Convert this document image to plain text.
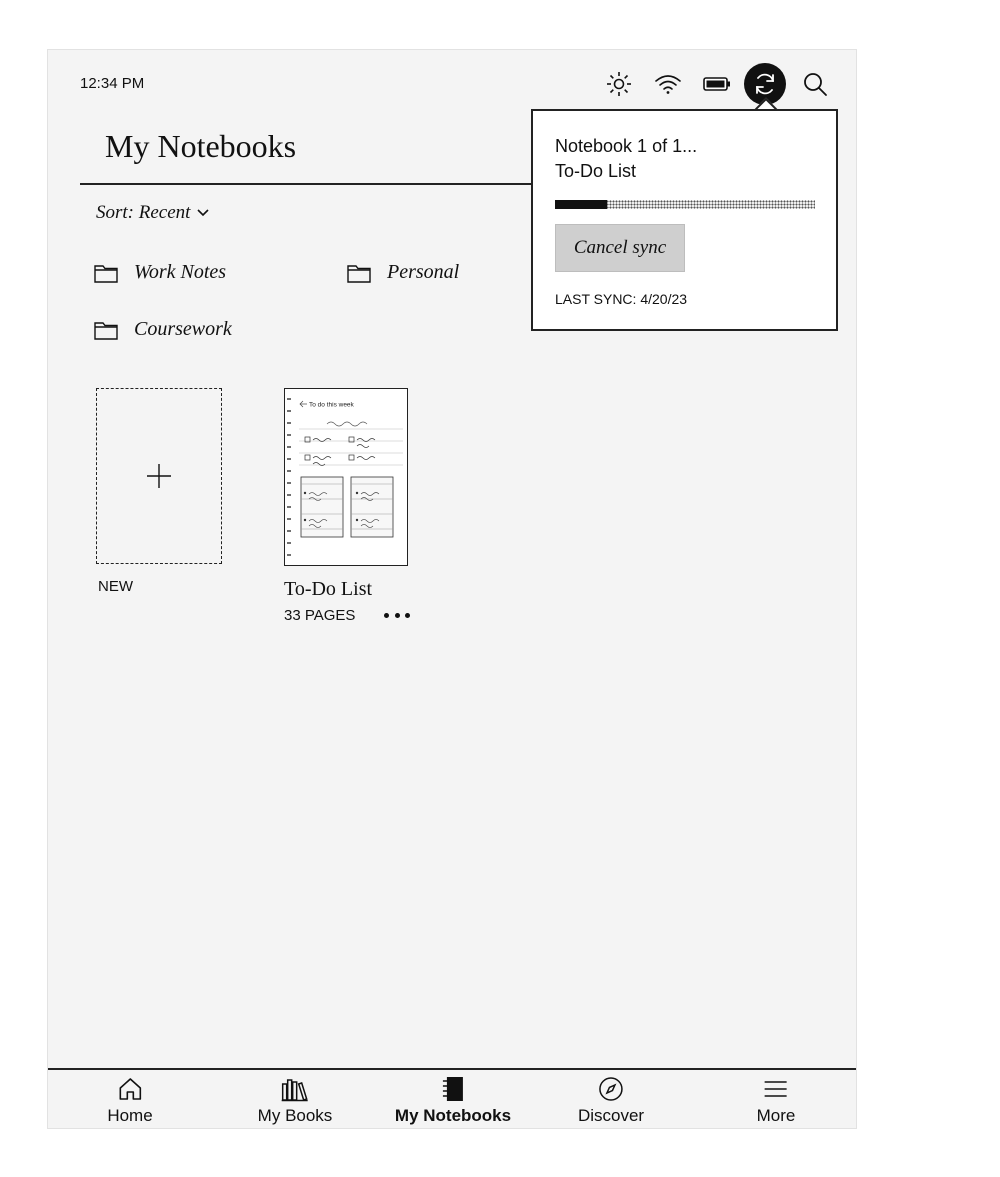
12:34 PM
My Notebooks
Sort: Recent
Work Notes	Personal
Coursework
NEW
To do this week
To-Do List
33 PAGES
Notebook 1 of 1...
To-Do List
Cancel sync
LAST SYNC: 4/20/23
Home	My Books	My Notebooks	Discover	More
